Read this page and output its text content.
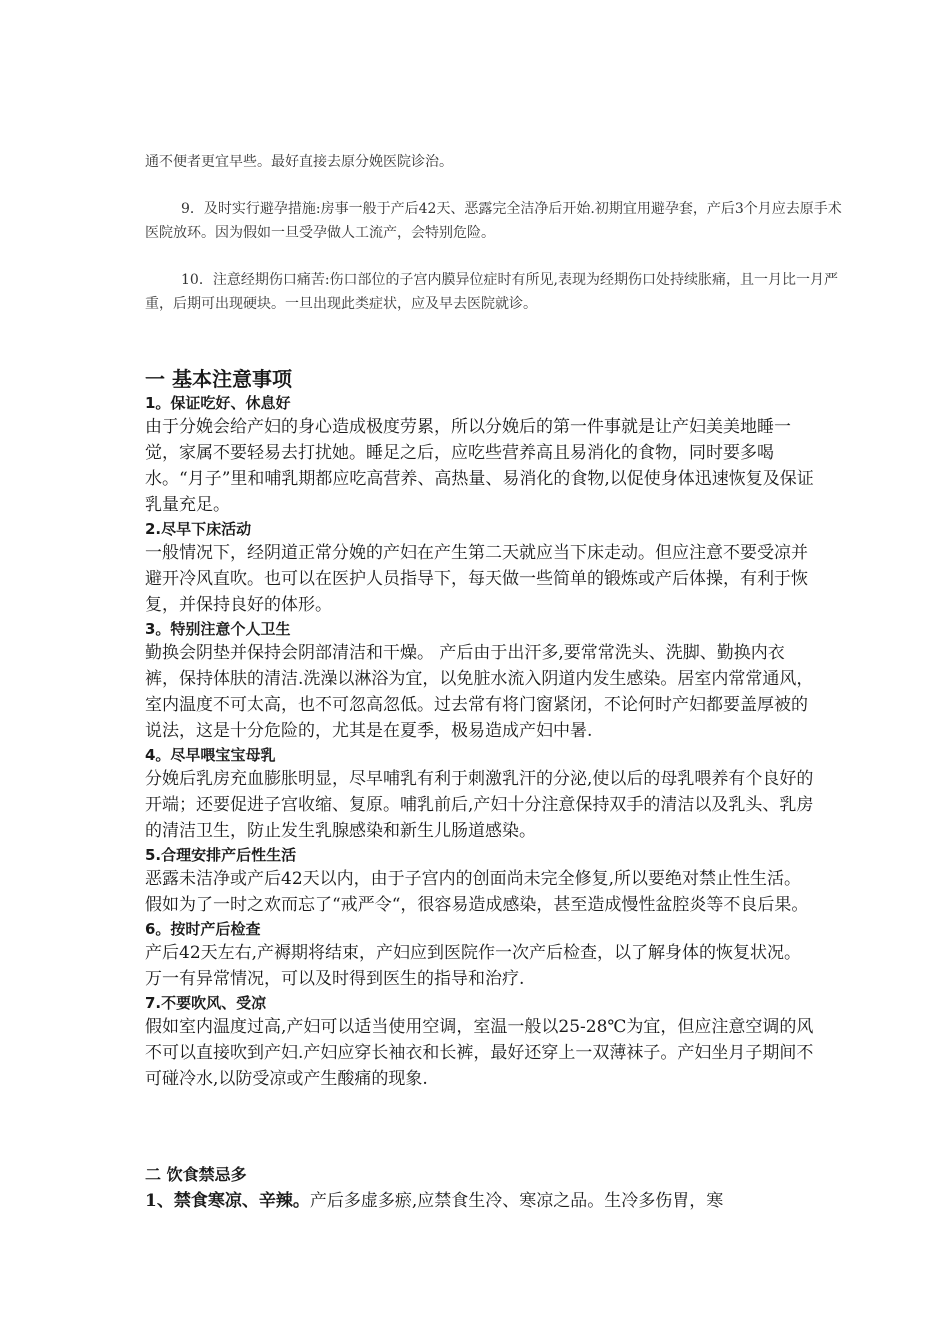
通不便者更宜早些。最好直接去原分娩医院诊治。

9．及时实行避孕措施:房事一般于产后42天、恶露完全洁净后开始.初期宜用避孕套，产后3个月应去原手术医院放环。因为假如一旦受孕做人工流产，会特别危险。

10．注意经期伤口痛苦:伤口部位的子宫内膜异位症时有所见,表现为经期伤口处持续胀痛，且一月比一月严重，后期可出现硬块。一旦出现此类症状，应及早去医院就诊。

一 基本注意事项
1。保证吃好、休息好

由于分娩会给产妇的身心造成极度劳累，所以分娩后的第一件事就是让产妇美美地睡一觉，家属不要轻易去打扰她。睡足之后，应吃些营养高且易消化的食物，同时要多喝水。“月子”里和哺乳期都应吃高营养、高热量、易消化的食物,以促使身体迅速恢复及保证乳量充足。

2.尽早下床活动

一般情况下，经阴道正常分娩的产妇在产生第二天就应当下床走动。但应注意不要受凉并避开冷风直吹。也可以在医护人员指导下，每天做一些简单的锻炼或产后体操，有利于恢复，并保持良好的体形。

3。特别注意个人卫生

勤换会阴垫并保持会阴部清洁和干燥。 产后由于出汗多,要常常洗头、洗脚、勤换内衣裤，保持体肤的清洁.洗澡以淋浴为宜，以免脏水流入阴道内发生感染。居室内常常通风，室内温度不可太高，也不可忽高忽低。过去常有将门窗紧闭，不论何时产妇都要盖厚被的说法，这是十分危险的，尤其是在夏季，极易造成产妇中暑.

4。尽早喂宝宝母乳

分娩后乳房充血膨胀明显，尽早哺乳有利于刺激乳汗的分泌,使以后的母乳喂养有个良好的开端；还要促进子宫收缩、复原。哺乳前后,产妇十分注意保持双手的清洁以及乳头、乳房的清洁卫生，防止发生乳腺感染和新生儿肠道感染。

5.合理安排产后性生活

恶露未洁净或产后42天以内，由于子宫内的创面尚未完全修复,所以要绝对禁止性生活。假如为了一时之欢而忘了“戒严令“，很容易造成感染，甚至造成慢性盆腔炎等不良后果。

6。按时产后检查

产后42天左右,产褥期将结束，产妇应到医院作一次产后检查，以了解身体的恢复状况。万一有异常情况，可以及时得到医生的指导和治疗.

7.不要吹风、受凉

假如室内温度过高,产妇可以适当使用空调，室温一般以25-28℃为宜，但应注意空调的风不可以直接吹到产妇.产妇应穿长袖衣和长裤，最好还穿上一双薄袜子。产妇坐月子期间不可碰冷水,以防受凉或产生酸痛的现象.

二 饮食禁忌多

1、禁食寒凉、辛辣。产后多虚多瘀,应禁食生冷、寒凉之品。生冷多伤胃，寒
